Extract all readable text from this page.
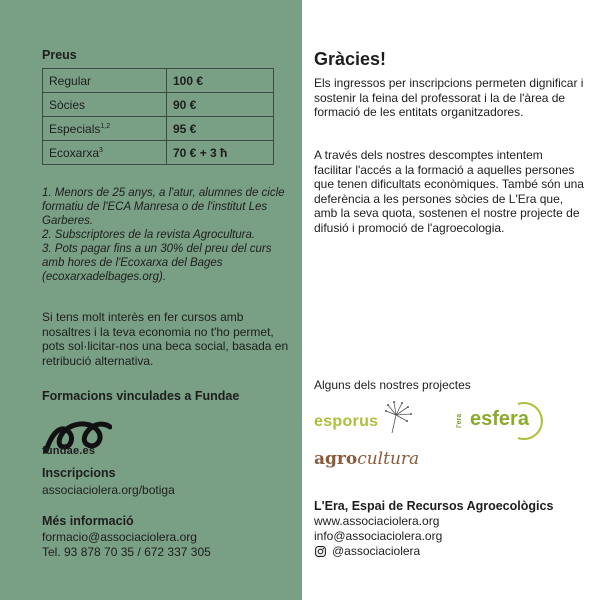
Preus
Regular	100 €
Sòcies	90 €
Especials$^{1,2}$	95 €
Ecoxarxa$^3$	70 € + 3 ħ

1. Menors de 25 anys, a l'atur, alumnes de cicle formatiu de l'ECA Manresa o de l'institut Les Garberes.

2. Subscriptores de la revista Agrocultura.

3. Pots pagar fins a un 30% del preu del curs amb hores de l'Ecoxarxa del Bages (ecoxarxadelbages.org).

Si tens molt interès en fer cursos amb nosaltres i la teva economia no t'ho permet, pots sol·licitar-nos una beca social, basada en retribució alternativa.
Formacions vinculades a Fundae
fundae.es
Inscripcions
associaciolera.org/botiga
Més informació
formacio@associaciolera.org
Tel. 93 878 70 35 / 672 337 305
Gràcies!
Els ingressos per inscripcions permeten dignificar i sostenir la feina del professorat i la de l'àrea de formació de les entitats organitzadores.
A través dels nostres descomptes intentem facilitar l'accés a la formació a aquelles persones que tenen dificultats econòmiques. També són una deferència a les persones sòcies de L'Era que, amb la seva quota, sostenen el nostre projecte de difusió i promoció de l'agroecologia.
Alguns dels nostres projectes
esporus	l'era esfera
agrocultura
L'Era, Espai de Recursos Agroecològics
www.associaciolera.org
info@associaciolera.org
@associaciolera
